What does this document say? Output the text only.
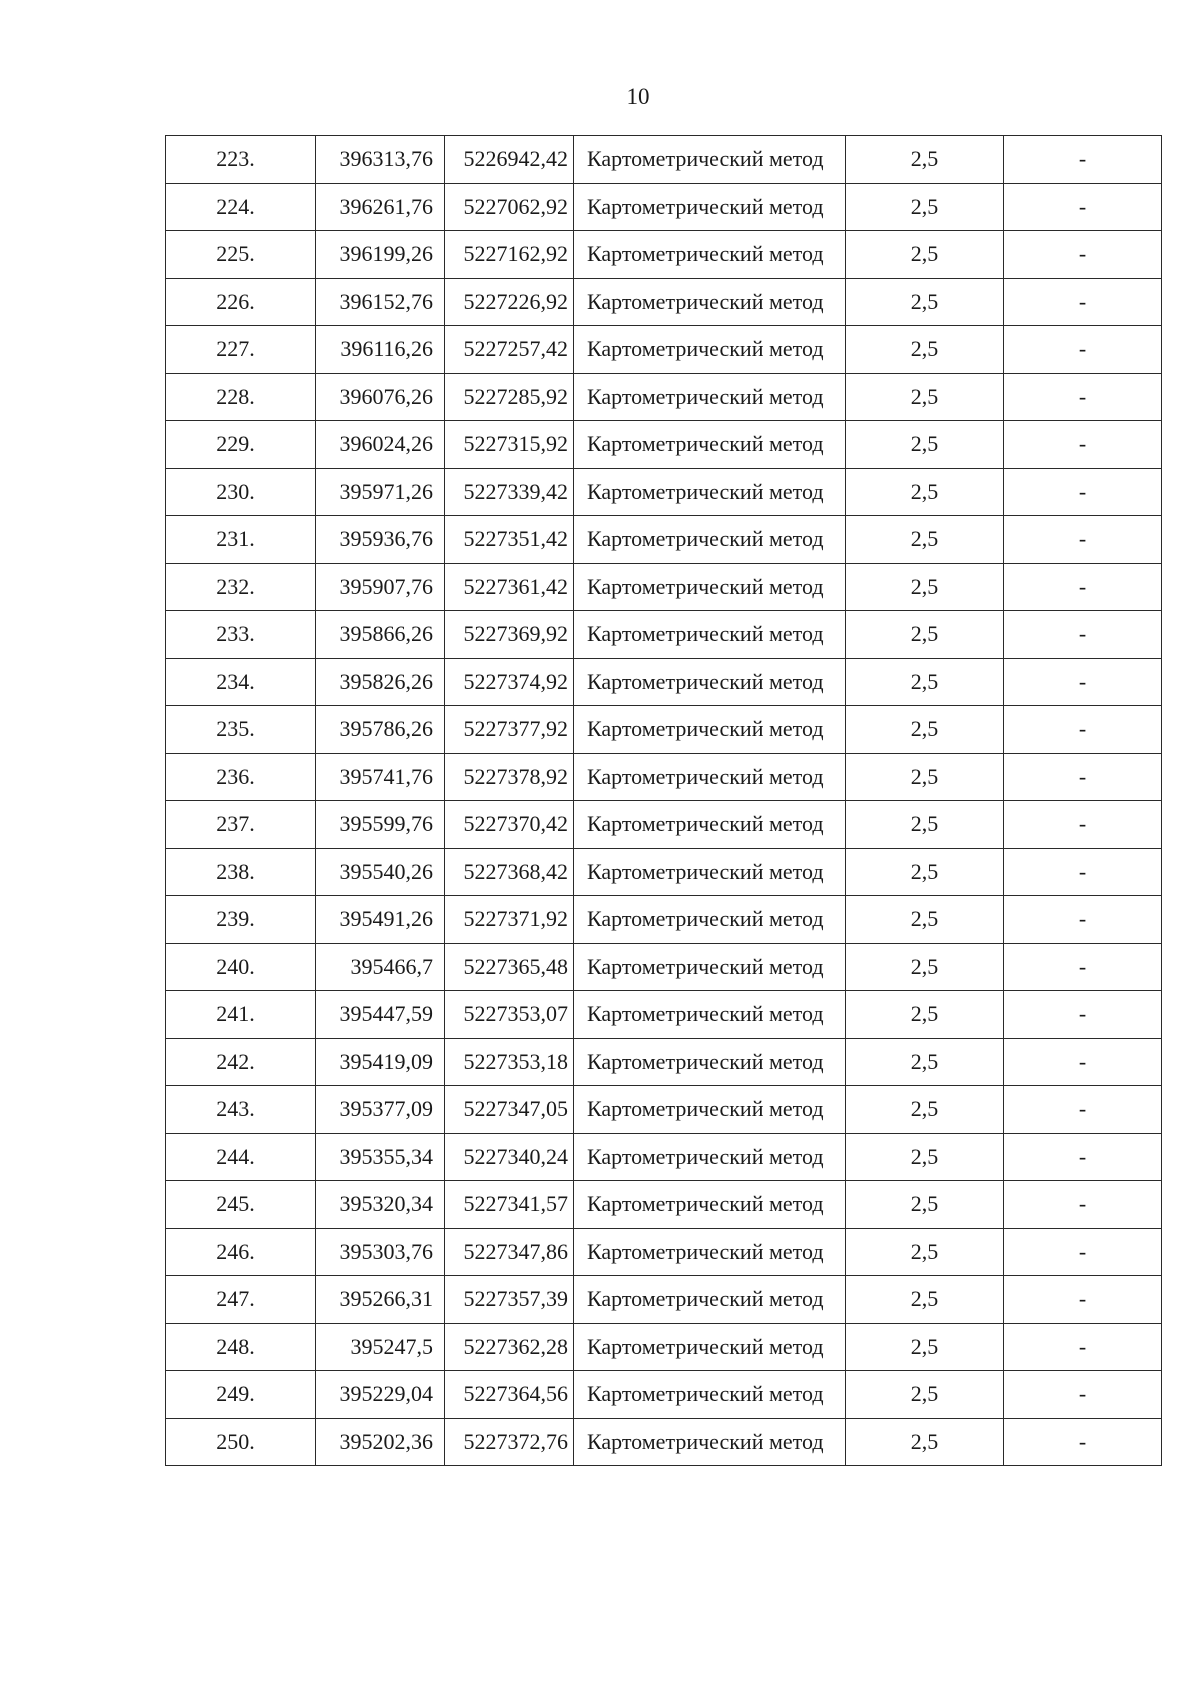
10
223.	396313,76	5226942,42	Картометрический метод	2,5	-
224.	396261,76	5227062,92	Картометрический метод	2,5	-
225.	396199,26	5227162,92	Картометрический метод	2,5	-
226.	396152,76	5227226,92	Картометрический метод	2,5	-
227.	396116,26	5227257,42	Картометрический метод	2,5	-
228.	396076,26	5227285,92	Картометрический метод	2,5	-
229.	396024,26	5227315,92	Картометрический метод	2,5	-
230.	395971,26	5227339,42	Картометрический метод	2,5	-
231.	395936,76	5227351,42	Картометрический метод	2,5	-
232.	395907,76	5227361,42	Картометрический метод	2,5	-
233.	395866,26	5227369,92	Картометрический метод	2,5	-
234.	395826,26	5227374,92	Картометрический метод	2,5	-
235.	395786,26	5227377,92	Картометрический метод	2,5	-
236.	395741,76	5227378,92	Картометрический метод	2,5	-
237.	395599,76	5227370,42	Картометрический метод	2,5	-
238.	395540,26	5227368,42	Картометрический метод	2,5	-
239.	395491,26	5227371,92	Картометрический метод	2,5	-
240.	395466,7	5227365,48	Картометрический метод	2,5	-
241.	395447,59	5227353,07	Картометрический метод	2,5	-
242.	395419,09	5227353,18	Картометрический метод	2,5	-
243.	395377,09	5227347,05	Картометрический метод	2,5	-
244.	395355,34	5227340,24	Картометрический метод	2,5	-
245.	395320,34	5227341,57	Картометрический метод	2,5	-
246.	395303,76	5227347,86	Картометрический метод	2,5	-
247.	395266,31	5227357,39	Картометрический метод	2,5	-
248.	395247,5	5227362,28	Картометрический метод	2,5	-
249.	395229,04	5227364,56	Картометрический метод	2,5	-
250.	395202,36	5227372,76	Картометрический метод	2,5	-
